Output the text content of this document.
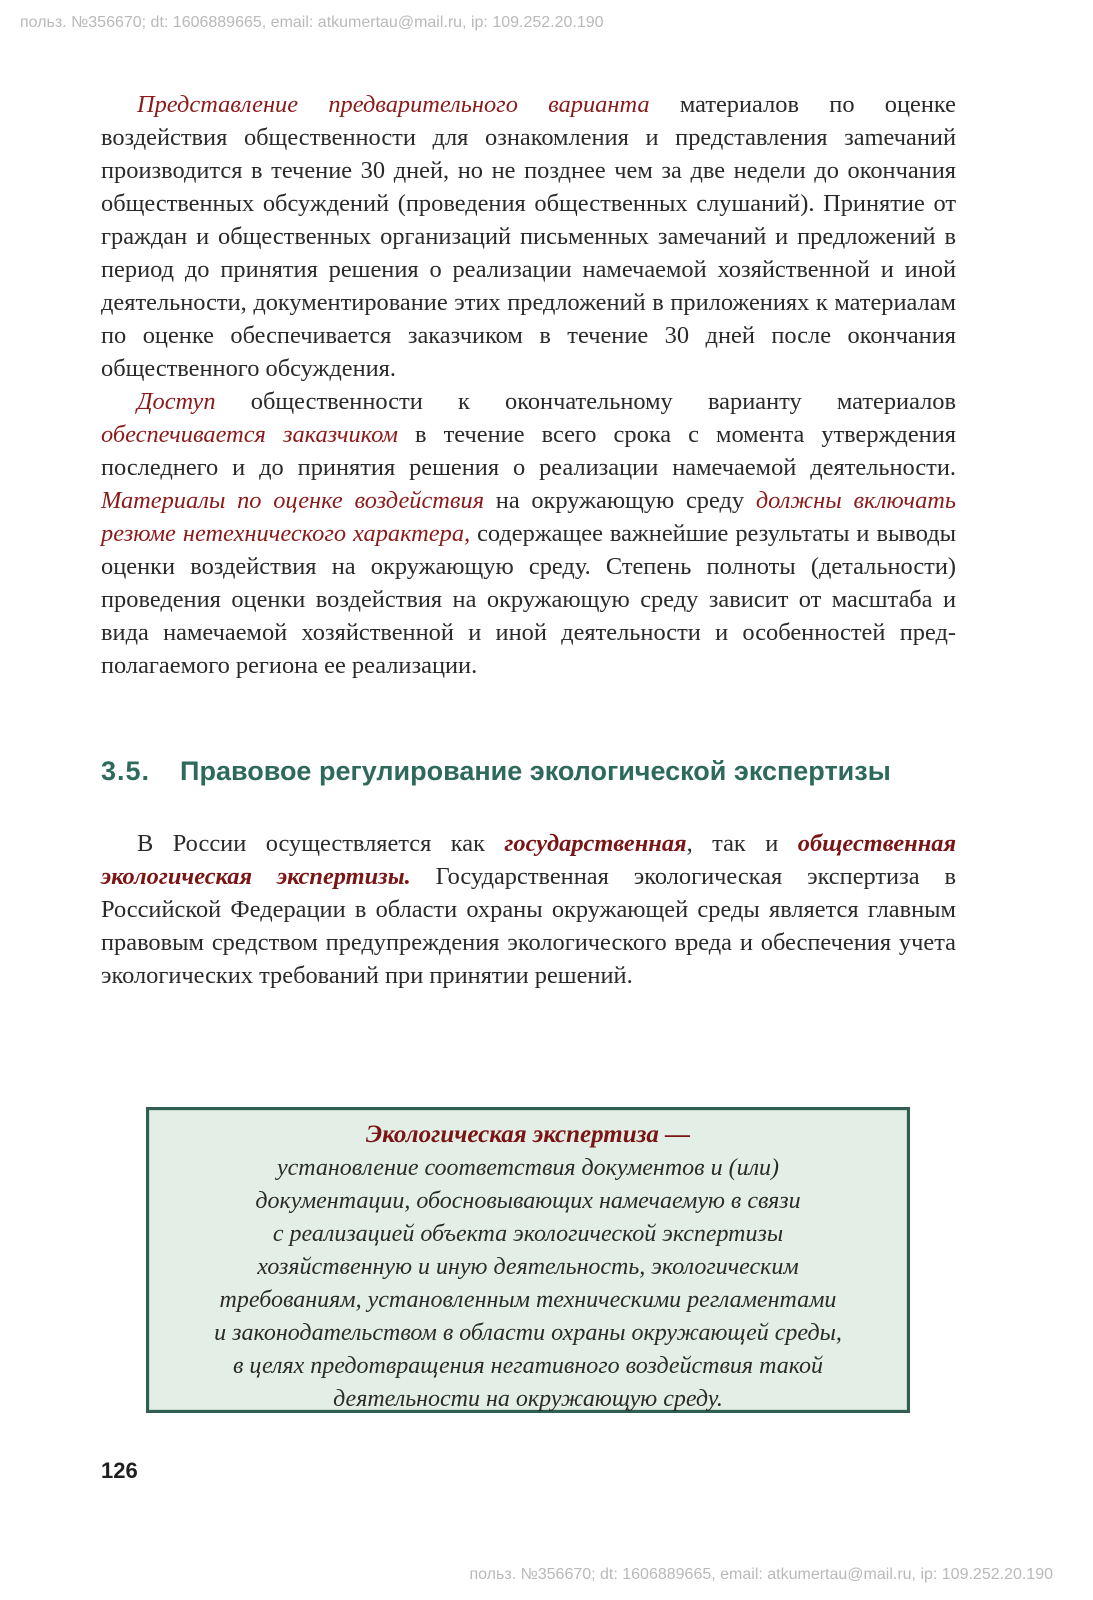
польз. №356670; dt: 1606889665, email: atkumertau@mail.ru, ip: 109.252.20.190

Представление предварительного варианта материалов по оценке воздействия общественности для ознакомления и представления заmечаний производится в течение 30 дней, но не позднее чем за две недели до окончания общественных обсуждений (проведения общественных слушаний). Принятие от граждан и общественных организаций письменных замечаний и предложений в период до принятия решения о реализации намечаемой хозяйственной и иной деятельности, документирование этих предложений в приложениях к материалам по оценке обеспечивается заказчиком в течение 30 дней после окончания общественного обсуждения.

Доступ общественности к окончательному варианту материалов обеспечивается заказчиком в течение всего срока с момента утверждения последнего и до принятия решения о реализации намечаемой деятельности. Материалы по оценке воздействия на окружающую среду должны включать резюме нетехнического характера, содержащее важнейшие результаты и выводы оценки воздействия на окружающую среду. Степень полноты (детальности) проведения оценки воздействия на окружающую среду зависит от масштаба и вида намечаемой хозяйственной и иной деятельности и особенностей предполагаемого региона ее реализации.

3.5. Правовое регулирование экологической экспертизы

В России осуществляется как государственная, так и общественная экологическая экспертизы. Государственная экологическая экспертиза в Российской Федерации в области охраны окружающей среды является главным правовым средством предупреждения экологического вреда и обеспечения учета экологических требований при принятии решений.

Экологическая экспертиза —
установление соответствия документов и (или)
документации, обосновывающих намечаемую в связи
с реализацией объекта экологической экспертизы
хозяйственную и иную деятельность, экологическим
требованиям, установленным техническими регламентами
и законодательством в области охраны окружающей среды,
в целях предотвращения негативного воздействия такой
деятельности на окружающую среду.
126
польз. №356670; dt: 1606889665, email: atkumertau@mail.ru, ip: 109.252.20.190
